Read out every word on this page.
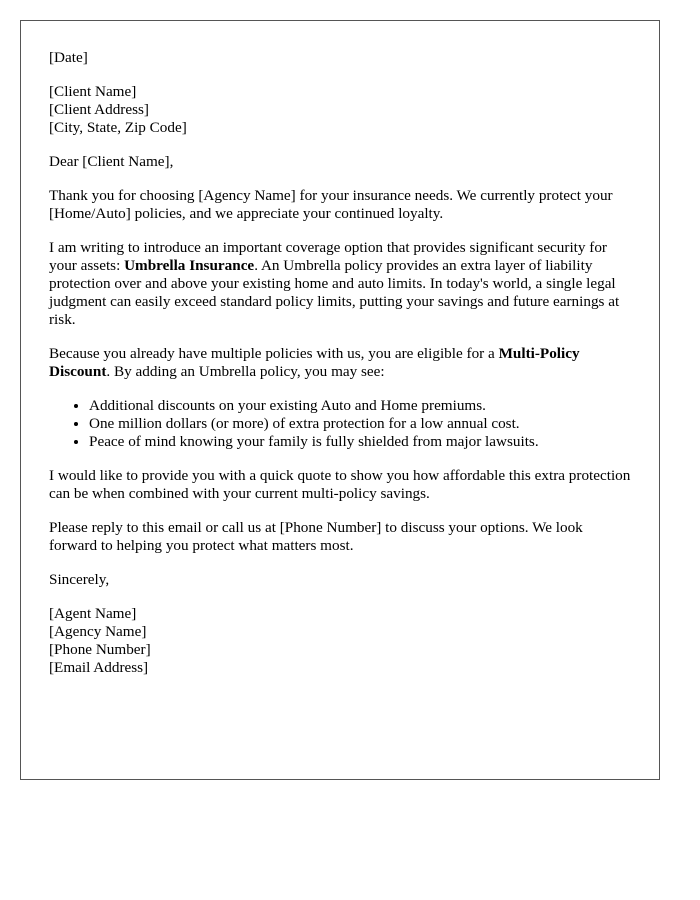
[Date]
[Client Name]
[Client Address]
[City, State, Zip Code]

Dear [Client Name],

Thank you for choosing [Agency Name] for your insurance needs. We currently protect your [Home/Auto] policies, and we appreciate your continued loyalty.

I am writing to introduce an important coverage option that provides significant security for your assets: Umbrella Insurance. An Umbrella policy provides an extra layer of liability protection over and above your existing home and auto limits. In today's world, a single legal judgment can easily exceed standard policy limits, putting your savings and future earnings at risk.

Because you already have multiple policies with us, you are eligible for a Multi-Policy Discount. By adding an Umbrella policy, you may see:

• Additional discounts on your existing Auto and Home premiums.
• One million dollars (or more) of extra protection for a low annual cost.
• Peace of mind knowing your family is fully shielded from major lawsuits.

I would like to provide you with a quick quote to show you how affordable this extra protection can be when combined with your current multi-policy savings.

Please reply to this email or call us at [Phone Number] to discuss your options. We look forward to helping you protect what matters most.

Sincerely,

[Agent Name]
[Agency Name]
[Phone Number]
[Email Address]
